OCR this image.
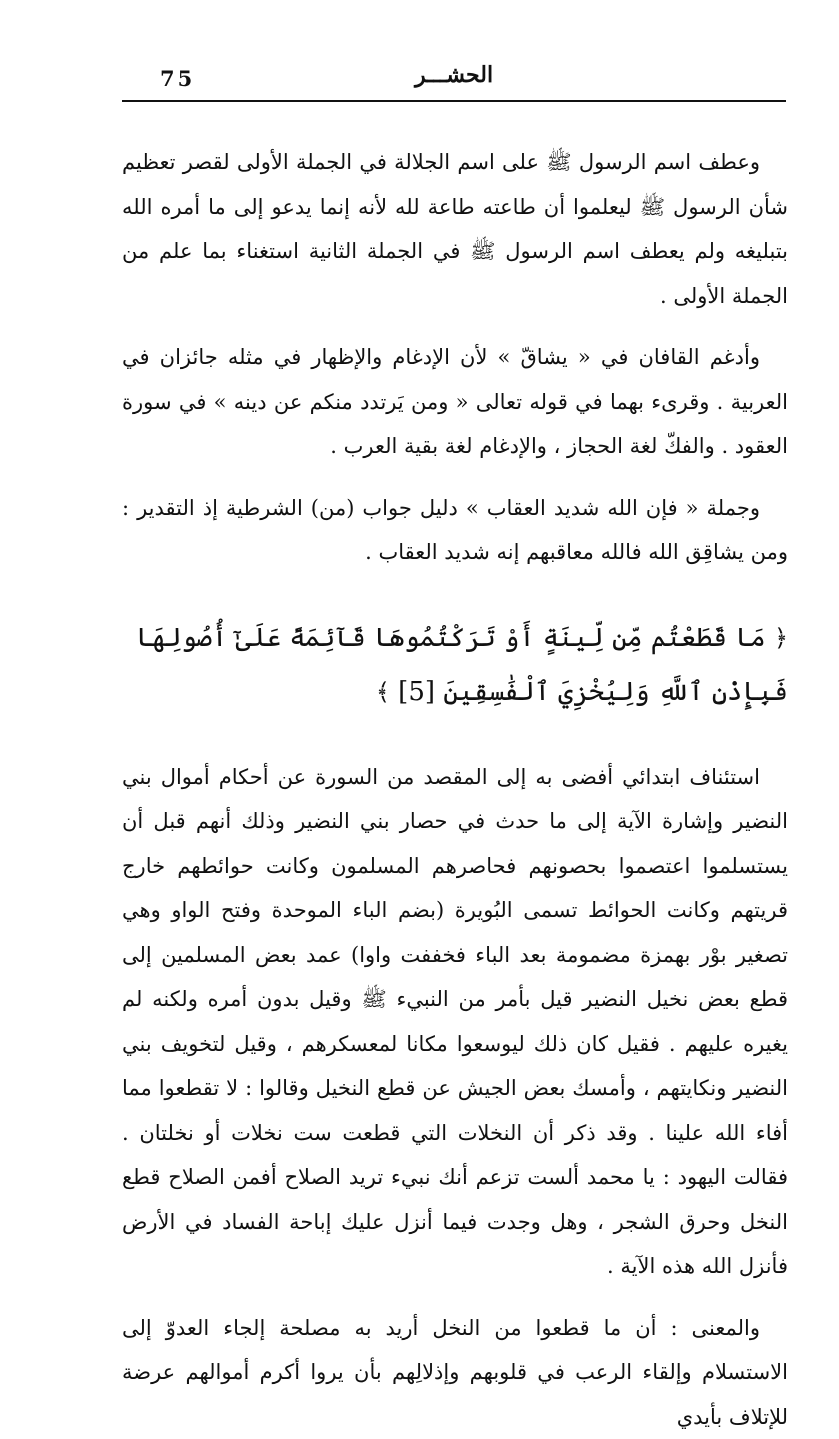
75	الحشـــر

وعطف اسم الرسول ﷺ على اسم الجلالة في الجملة الأولى لقصر تعظيم شأن الرسول ﷺ ليعلموا أن طاعته طاعة لله لأنه إنما يدعو إلى ما أمره الله بتبليغه ولم يعطف اسم الرسول ﷺ في الجملة الثانية استغناء بما علم من الجملة الأولى .

وأدغم القافان في « يشاقّ » لأن الإدغام والإظهار في مثله جائزان في العربية . وقرىء بهما في قوله تعالى « ومن يَرتدد منكم عن دينه » في سورة العقود . والفكّ لغة الحجاز ، والإدغام لغة بقية العرب .

وجملة « فإن الله شديد العقاب » دليل جواب (من) الشرطية إذ التقدير : ومن يشاقِق الله فالله معاقبهم إنه شديد العقاب .

﴿ مَا قَطَعْتُم مِّن لِّينَةٍ أَوْ تَرَكْتُمُوهَا قَآئِمَةً عَلَىٰٓ أُصُولِهَا فَبِإِذْنِ ٱللَّهِ وَلِيُخْزِيَ ٱلْفَٰسِقِينَ [5] ﴾

استئناف ابتدائي أفضى به إلى المقصد من السورة عن أحكام أموال بني النضير وإشارة الآية إلى ما حدث في حصار بني النضير وذلك أنهم قبل أن يستسلموا اعتصموا بحصونهم فحاصرهم المسلمون وكانت حوائطهم خارج قريتهم وكانت الحوائط تسمى البُويرة (بضم الباء الموحدة وفتح الواو وهي تصغير بوْر بهمزة مضمومة بعد الباء فخففت واوا) عمد بعض المسلمين إلى قطع بعض نخيل النضير قيل بأمر من النبيء ﷺ وقيل بدون أمره ولكنه لم يغيره عليهم . فقيل كان ذلك ليوسعوا مكانا لمعسكرهم ، وقيل لتخويف بني النضير ونكايتهم ، وأمسك بعض الجيش عن قطع النخيل وقالوا : لا تقطعوا مما أفاء الله علينا . وقد ذكر أن النخلات التي قطعت ست نخلات أو نخلتان . فقالت اليهود : يا محمد ألست تزعم أنك نبيء تريد الصلاح أفمن الصلاح قطع النخل وحرق الشجر ، وهل وجدت فيما أنزل عليك إباحة الفساد في الأرض فأنزل الله هذه الآية .

والمعنى : أن ما قطعوا من النخل أريد به مصلحة إلجاء العدوّ إلى الاستسلام وإلقاء الرعب في قلوبهم وإذلالِهم بأن يروا أكرم أموالهم عرضة للإتلاف بأيدي
